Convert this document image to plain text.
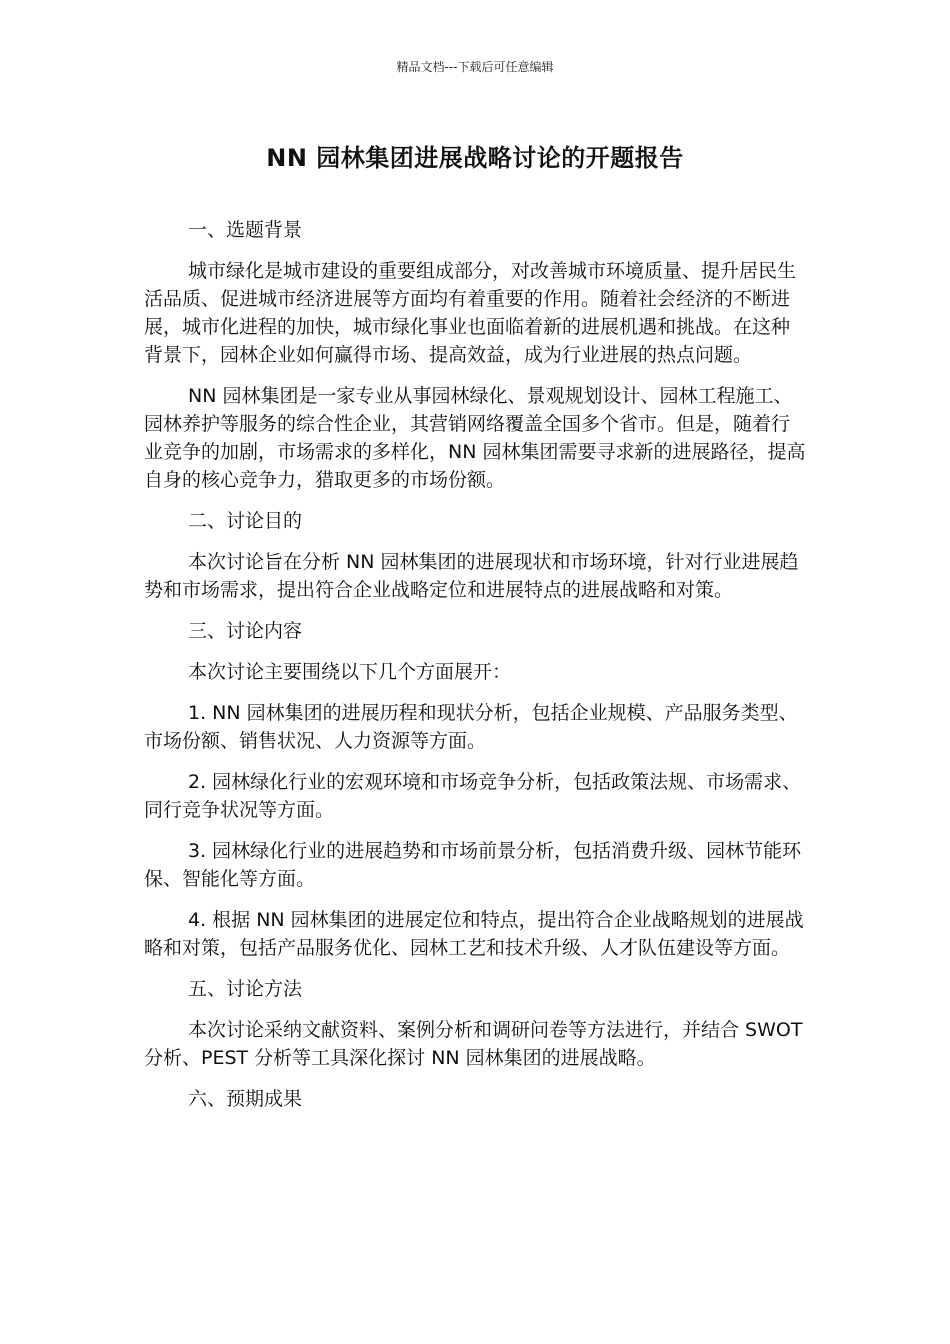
精品文档---下载后可任意编辑
NN 园林集团进展战略讨论的开题报告

一、选题背景

城市绿化是城市建设的重要组成部分，对改善城市环境质量、提升居民生活品质、促进城市经济进展等方面均有着重要的作用。随着社会经济的不断进展，城市化进程的加快，城市绿化事业也面临着新的进展机遇和挑战。在这种背景下，园林企业如何赢得市场、提高效益，成为行业进展的热点问题。

NN 园林集团是一家专业从事园林绿化、景观规划设计、园林工程施工、园林养护等服务的综合性企业，其营销网络覆盖全国多个省市。但是，随着行业竞争的加剧，市场需求的多样化，NN 园林集团需要寻求新的进展路径，提高自身的核心竞争力，猎取更多的市场份额。

二、讨论目的

本次讨论旨在分析 NN 园林集团的进展现状和市场环境，针对行业进展趋势和市场需求，提出符合企业战略定位和进展特点的进展战略和对策。

三、讨论内容

本次讨论主要围绕以下几个方面展开：

1. NN 园林集团的进展历程和现状分析，包括企业规模、产品服务类型、市场份额、销售状况、人力资源等方面。

2. 园林绿化行业的宏观环境和市场竞争分析，包括政策法规、市场需求、同行竞争状况等方面。

3. 园林绿化行业的进展趋势和市场前景分析，包括消费升级、园林节能环保、智能化等方面。

4. 根据 NN 园林集团的进展定位和特点，提出符合企业战略规划的进展战略和对策，包括产品服务优化、园林工艺和技术升级、人才队伍建设等方面。

五、讨论方法

本次讨论采纳文献资料、案例分析和调研问卷等方法进行，并结合 SWOT 分析、PEST 分析等工具深化探讨 NN 园林集团的进展战略。

六、预期成果
